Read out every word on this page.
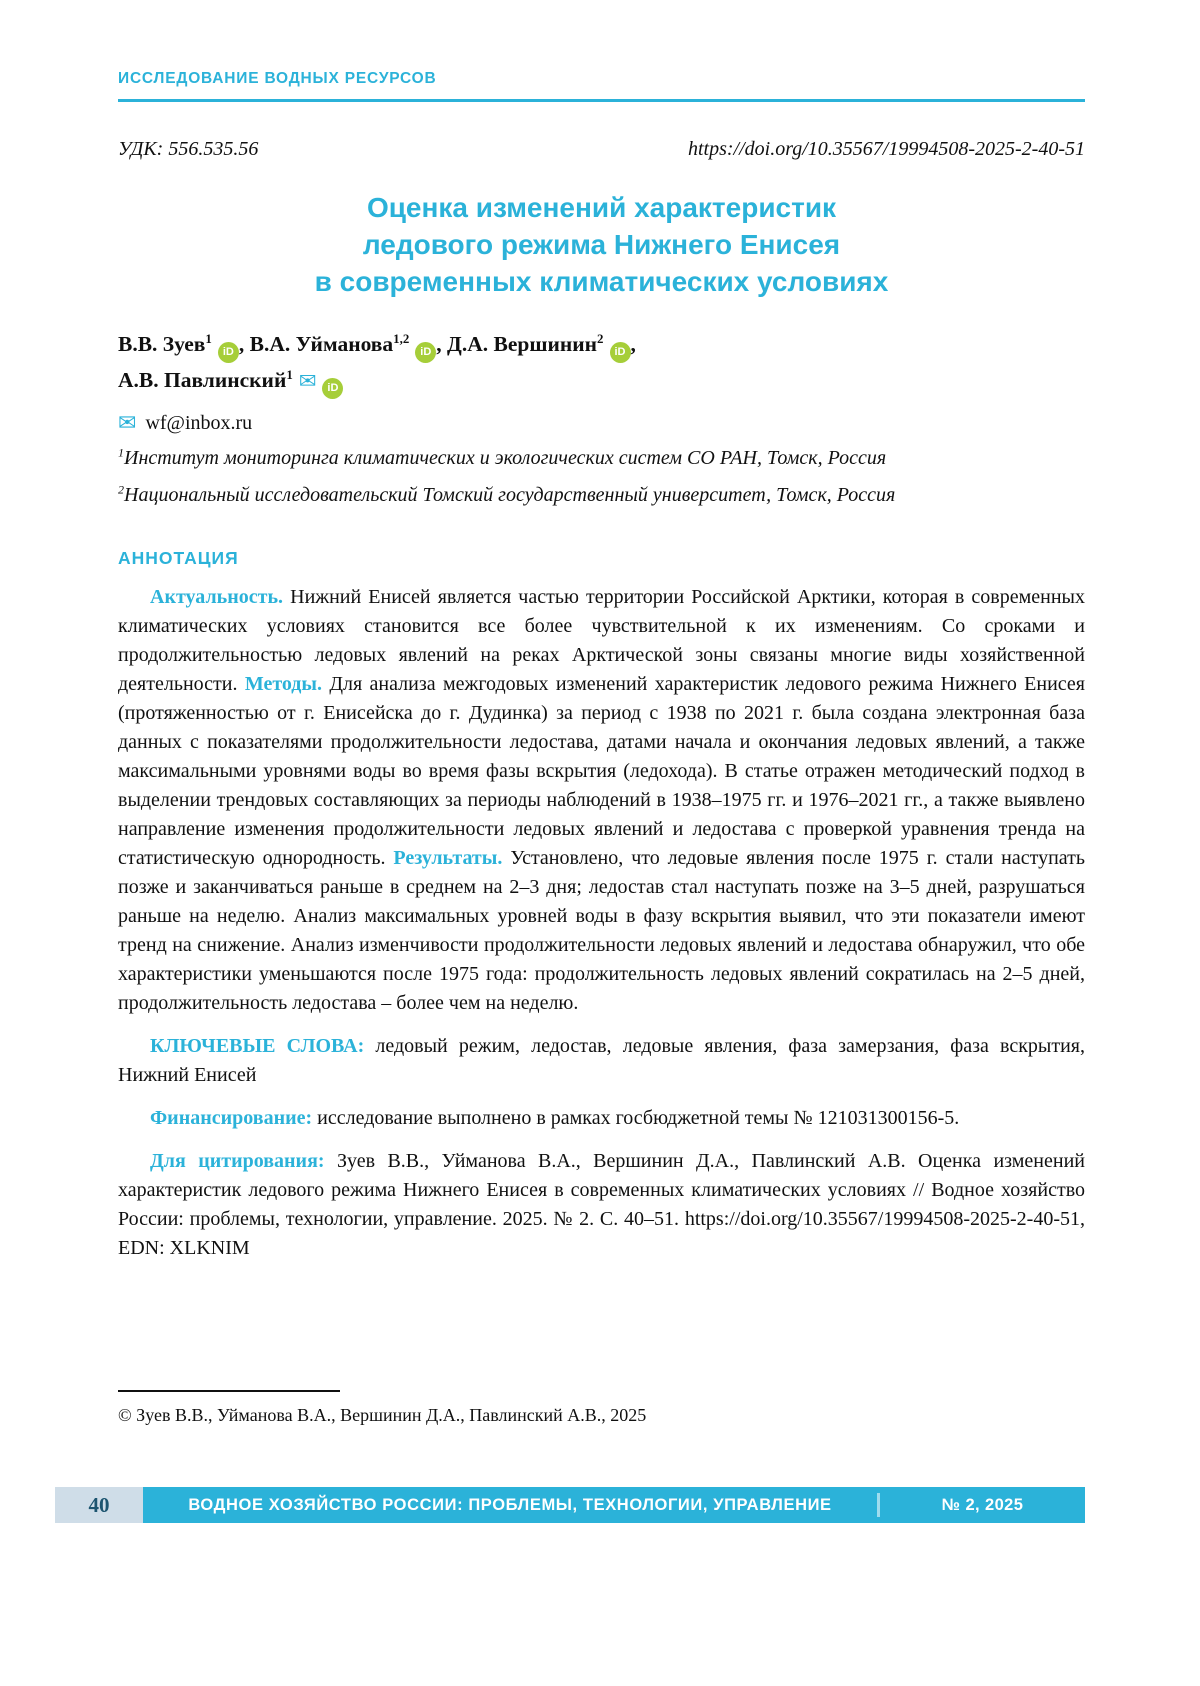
ИССЛЕДОВАНИЕ ВОДНЫХ РЕСУРСОВ
УДК: 556.535.56	https://doi.org/10.35567/19994508-2025-2-40-51
Оценка изменений характеристик
ледового режима Нижнего Енисея
в современных климатических условиях

В.В. Зуев$^1$iD , В.А. Уйманова$^{1,2}$iD , Д.А. Вершинин$^2$iD ,
А.В. Павлинский$^1$ ✉ iD

✉ wf@inbox.ru

$^1$Институт мониторинга климатических и экологических систем СО РАН, Томск, Россия

$^2$Национальный исследовательский Томский государственный университет, Томск, Россия

АННОТАЦИЯ

Актуальность. Нижний Енисей является частью территории Российской Арктики, которая в современных климатических условиях становится все более чувствительной к их изменениям. Со сроками и продолжительностью ледовых явлений на реках Арктической зоны связаны многие виды хозяйственной деятельности. Методы. Для анализа межгодовых изменений характеристик ледового режима Нижнего Енисея (протяженностью от г. Енисейска до г. Дудинка) за период с 1938 по 2021 г. была создана электронная база данных с показателями продолжительности ледостава, датами начала и окончания ледовых явлений, а также максимальными уровнями воды во время фазы вскрытия (ледохода). В статье отражен методический подход в выделении трендовых составляющих за периоды наблюдений в 1938–1975 гг. и 1976–2021 гг., а также выявлено направление изменения продолжительности ледовых явлений и ледостава с проверкой уравнения тренда на статистическую однородность. Результаты. Установлено, что ледовые явления после 1975 г. стали наступать позже и заканчиваться раньше в среднем на 2–3 дня; ледостав стал наступать позже на 3–5 дней, разрушаться раньше на неделю. Анализ максимальных уровней воды в фазу вскрытия выявил, что эти показатели имеют тренд на снижение. Анализ изменчивости продолжительности ледовых явлений и ледостава обнаружил, что обе характеристики уменьшаются после 1975 года: продолжительность ледовых явлений сократилась на 2–5 дней, продолжительность ледостава – более чем на неделю.

КЛЮЧЕВЫЕ СЛОВА: ледовый режим, ледостав, ледовые явления, фаза замерзания, фаза вскрытия, Нижний Енисей

Финансирование: исследование выполнено в рамках госбюджетной темы № 121031300156-5.

Для цитирования: Зуев В.В., Уйманова В.А., Вершинин Д.А., Павлинский А.В. Оценка изменений характеристик ледового режима Нижнего Енисея в современных климатических условиях // Водное хозяйство России: проблемы, технологии, управление. 2025. № 2. С. 40–51. https://doi.org/10.35567/19994508-2025-2-40-51, EDN: XLKNIM

© Зуев В.В., Уйманова В.А., Вершинин Д.А., Павлинский А.В., 2025

40	ВОДНОЕ ХОЗЯЙСТВО РОССИИ: ПРОБЛЕМЫ, ТЕХНОЛОГИИ, УПРАВЛЕНИЕ	№ 2, 2025
